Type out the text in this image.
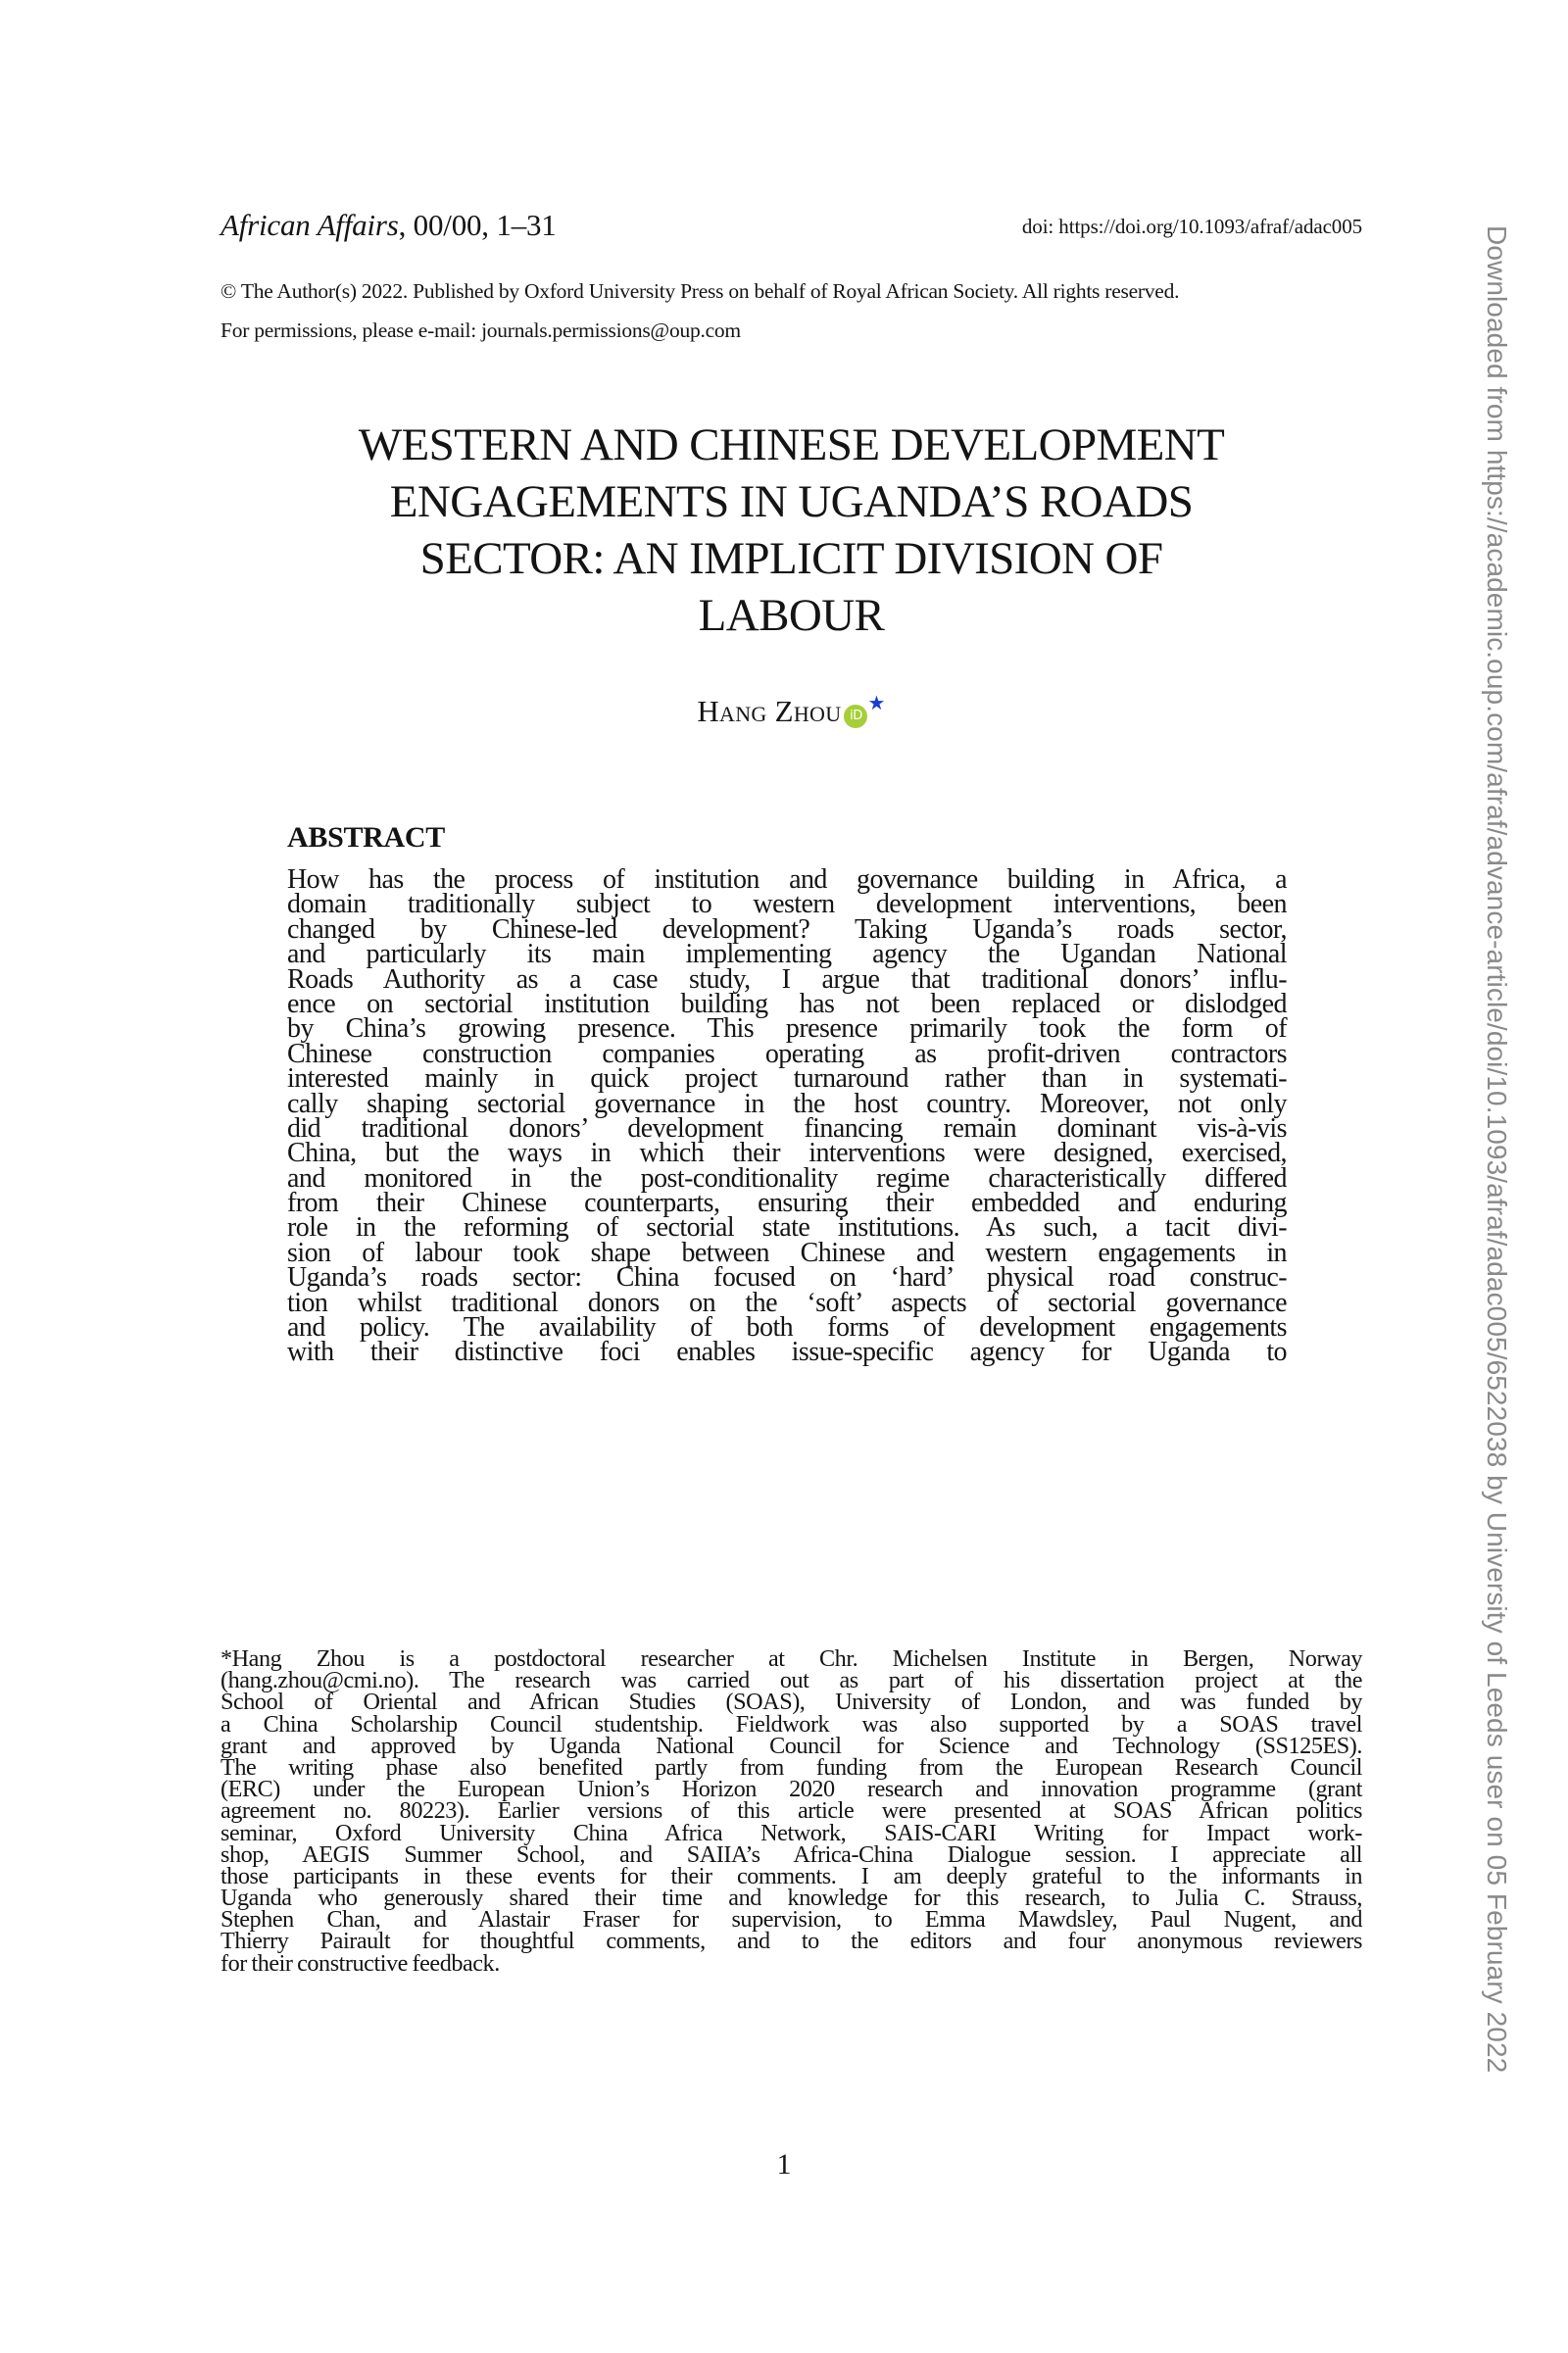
African Affairs, 00/00, 1–31	doi: https://doi.org/10.1093/afraf/adac005
© The Author(s) 2022. Published by Oxford University Press on behalf of Royal African Society. All rights reserved.
For permissions, please e-mail: journals.permissions@oup.com
WESTERN AND CHINESE DEVELOPMENT
ENGAGEMENTS IN UGANDA’S ROADS
SECTOR: AN IMPLICIT DIVISION OF
LABOUR
Hang Zhou iD★
ABSTRACT
How has the process of institution and governance building in Africa, a
domain traditionally subject to western development interventions, been
changed by Chinese-led development? Taking Uganda’s roads sector,
and particularly its main implementing agency the Ugandan National
Roads Authority as a case study, I argue that traditional donors’ influ-
ence on sectorial institution building has not been replaced or dislodged
by China’s growing presence. This presence primarily took the form of
Chinese construction companies operating as profit-driven contractors
interested mainly in quick project turnaround rather than in systemati-
cally shaping sectorial governance in the host country. Moreover, not only
did traditional donors’ development financing remain dominant vis-à-vis
China, but the ways in which their interventions were designed, exercised,
and monitored in the post-conditionality regime characteristically differed
from their Chinese counterparts, ensuring their embedded and enduring
role in the reforming of sectorial state institutions. As such, a tacit divi-
sion of labour took shape between Chinese and western engagements in
Uganda’s roads sector: China focused on ‘hard’ physical road construc-
tion whilst traditional donors on the ‘soft’ aspects of sectorial governance
and policy. The availability of both forms of development engagements
with their distinctive foci enables issue-specific agency for Uganda to
*Hang Zhou is a postdoctoral researcher at Chr. Michelsen Institute in Bergen, Norway
(hang.zhou@cmi.no). The research was carried out as part of his dissertation project at the
School of Oriental and African Studies (SOAS), University of London, and was funded by
a China Scholarship Council studentship. Fieldwork was also supported by a SOAS travel
grant and approved by Uganda National Council for Science and Technology (SS125ES).
The writing phase also benefited partly from funding from the European Research Council
(ERC) under the European Union’s Horizon 2020 research and innovation programme (grant
agreement no. 80223). Earlier versions of this article were presented at SOAS African politics
seminar, Oxford University China Africa Network, SAIS-CARI Writing for Impact work-
shop, AEGIS Summer School, and SAIIA’s Africa-China Dialogue session. I appreciate all
those participants in these events for their comments. I am deeply grateful to the informants in
Uganda who generously shared their time and knowledge for this research, to Julia C. Strauss,
Stephen Chan, and Alastair Fraser for supervision, to Emma Mawdsley, Paul Nugent, and
Thierry Pairault for thoughtful comments, and to the editors and four anonymous reviewers
for their constructive feedback.
1
Downloaded from https://academic.oup.com/afraf/advance-article/doi/10.1093/afraf/adac005/6522038 by University of Leeds user on 05 February 2022
